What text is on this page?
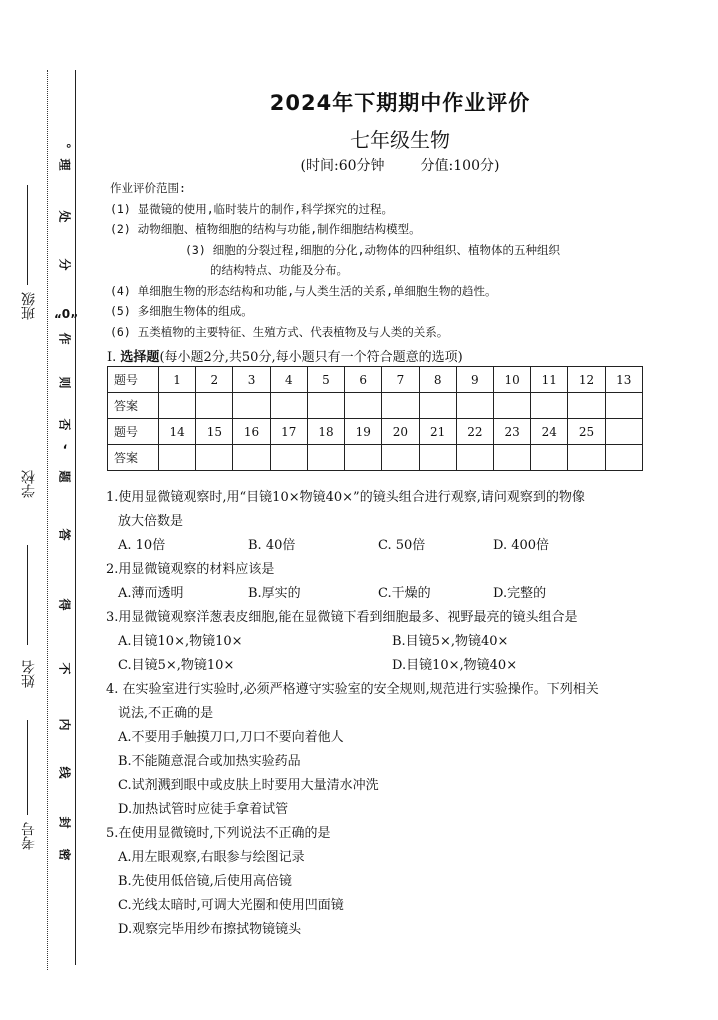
班级
学校
姓名
考号
密
封
线
内
不
得
答
题
,
否
则
作
“0”
分
处
理
。
2024年下期期中作业评价
七年级生物
(时间:60分钟	分值:100分)
作业评价范围:
(1) 显微镜的使用,临时装片的制作,科学探究的过程。
(2) 动物细胞、植物细胞的结构与功能,制作细胞结构模型。
(3) 细胞的分裂过程,细胞的分化,动物体的四种组织、植物体的五种组织
的结构特点、功能及分布。
(4) 单细胞生物的形态结构和功能,与人类生活的关系,单细胞生物的趋性。
(5) 多细胞生物体的组成。
(6) 五类植物的主要特征、生殖方式、代表植物及与人类的关系。
I. 选择题(每小题2分,共50分,每小题只有一个符合题意的选项)
题号	1	2	3	4	5	6	7	8	9	10	11	12	13
答案													
题号	14	15	16	17	18	19	20	21	22	23	24	25	
答案													
1.使用显微镜观察时,用“目镜10×物镜40×”的镜头组合进行观察,请问观察到的物像
放大倍数是
A. 10倍	B. 40倍	C. 50倍	D. 400倍
2.用显微镜观察的材料应该是
A.薄而透明	B.厚实的	C.干燥的	D.完整的
3.用显微镜观察洋葱表皮细胞,能在显微镜下看到细胞最多、视野最亮的镜头组合是
A.目镜10×,物镜10×	B.目镜5×,物镜40×
C.目镜5×,物镜10×	D.目镜10×,物镜40×
4. 在实验室进行实验时,必须严格遵守实验室的安全规则,规范进行实验操作。下列相关
说法,不正确的是
A.不要用手触摸刀口,刀口不要向着他人
B.不能随意混合或加热实验药品
C.试剂溅到眼中或皮肤上时要用大量清水冲洗
D.加热试管时应徒手拿着试管
5.在使用显微镜时,下列说法不正确的是
A.用左眼观察,右眼参与绘图记录
B.先使用低倍镜,后使用高倍镜
C.光线太暗时,可调大光圈和使用凹面镜
D.观察完毕用纱布擦拭物镜镜头
